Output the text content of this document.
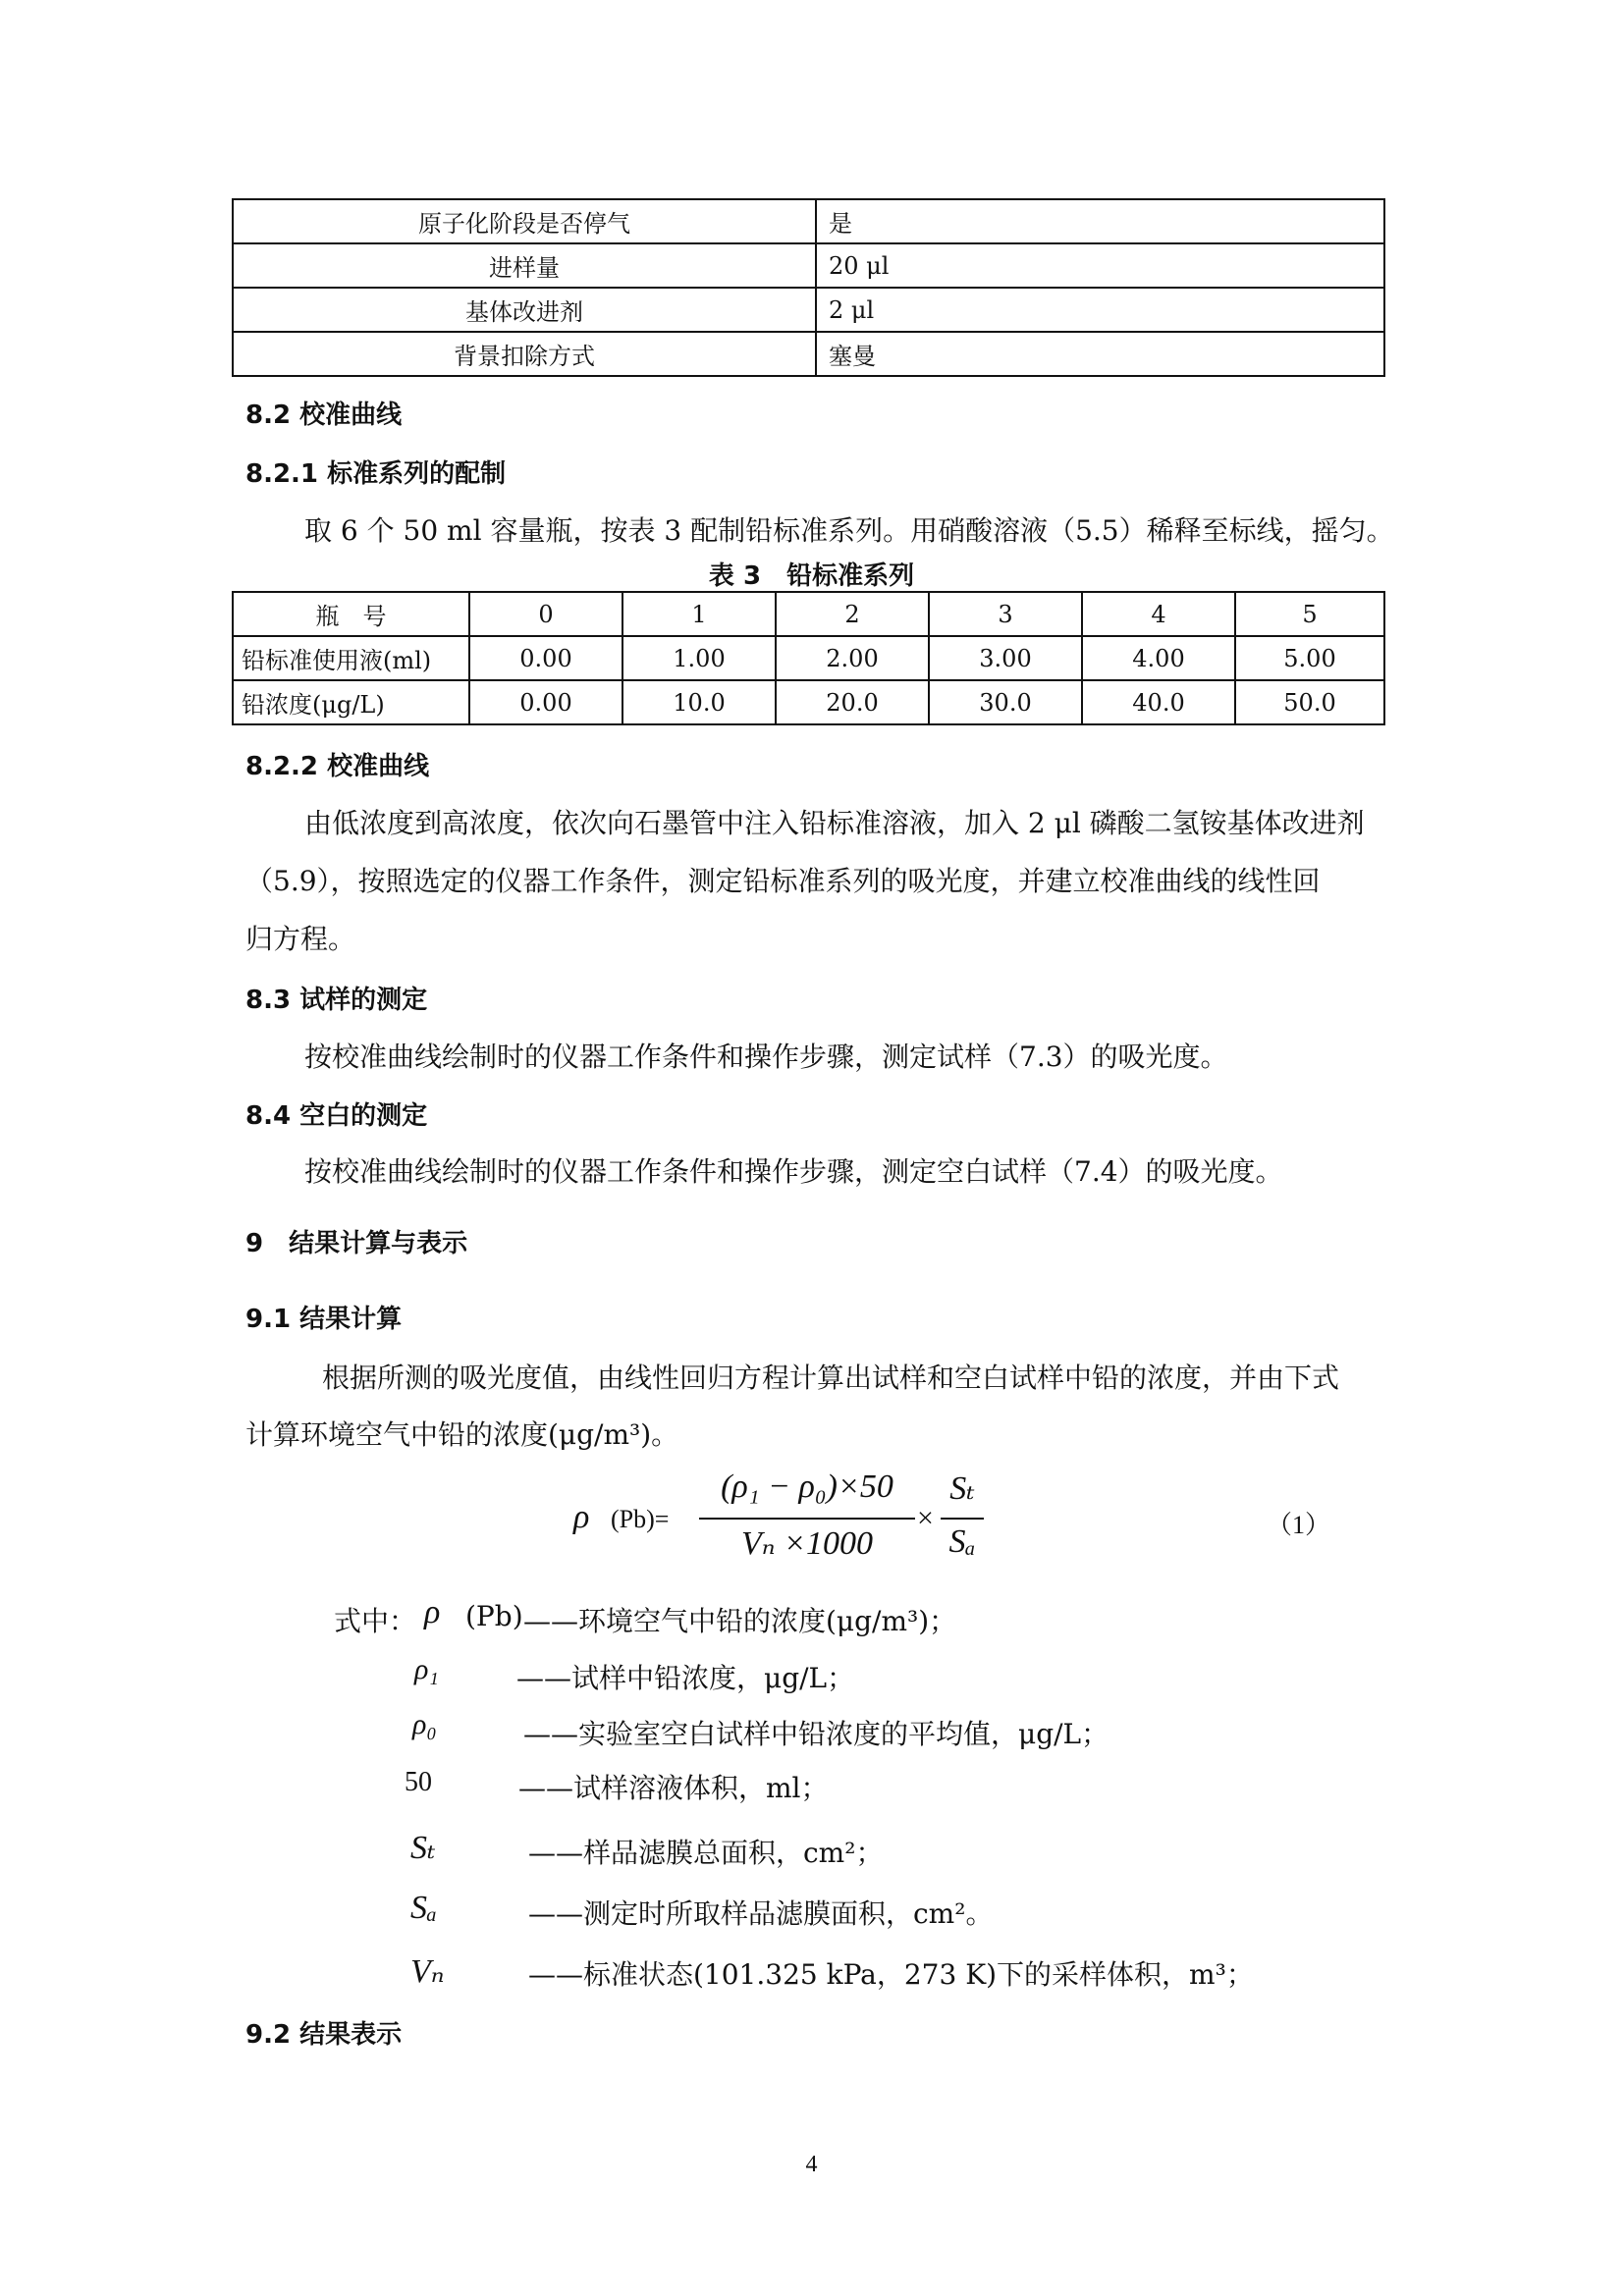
原子化阶段是否停气	是
进样量	20 μl
基体改进剂	2 μl
背景扣除方式	塞曼
8.2 校准曲线
8.2.1 标准系列的配制
取 6 个 50 ml 容量瓶，按表 3 配制铅标准系列。用硝酸溶液（5.5）稀释至标线，摇匀。
表 3　铅标准系列
瓶　号	0	1	2	3	4	5
铅标准使用液(ml)	0.00	1.00	2.00	3.00	4.00	5.00
铅浓度(μg/L)	0.00	10.0	20.0	30.0	40.0	50.0
8.2.2 校准曲线
由低浓度到高浓度，依次向石墨管中注入铅标准溶液，加入 2 μl 磷酸二氢铵基体改进剂
（5.9），按照选定的仪器工作条件，测定铅标准系列的吸光度，并建立校准曲线的线性回
归方程。
8.3 试样的测定
按校准曲线绘制时的仪器工作条件和操作步骤，测定试样（7.3）的吸光度。
8.4 空白的测定
按校准曲线绘制时的仪器工作条件和操作步骤，测定空白试样（7.4）的吸光度。
9　结果计算与表示
9.1 结果计算
根据所测的吸光度值，由线性回归方程计算出试样和空白试样中铅的浓度，并由下式
计算环境空气中铅的浓度(μg/m³)。
ρ (Pb)=
(ρ₁ − ρ₀)×50
Vₙ ×1000
×
Sₜ
Sₐ	（1）
式中： ρ (Pb) ——环境空气中铅的浓度(μg/m³)；
ρ₁	——试样中铅浓度，μg/L；
ρ₀	——实验室空白试样中铅浓度的平均值，μg/L；
50	——试样溶液体积，ml；
Sₜ	——样品滤膜总面积，cm²；
Sₐ	——测定时所取样品滤膜面积，cm²。
Vₙ	——标准状态(101.325 kPa，273 K)下的采样体积，m³；
9.2 结果表示
4
